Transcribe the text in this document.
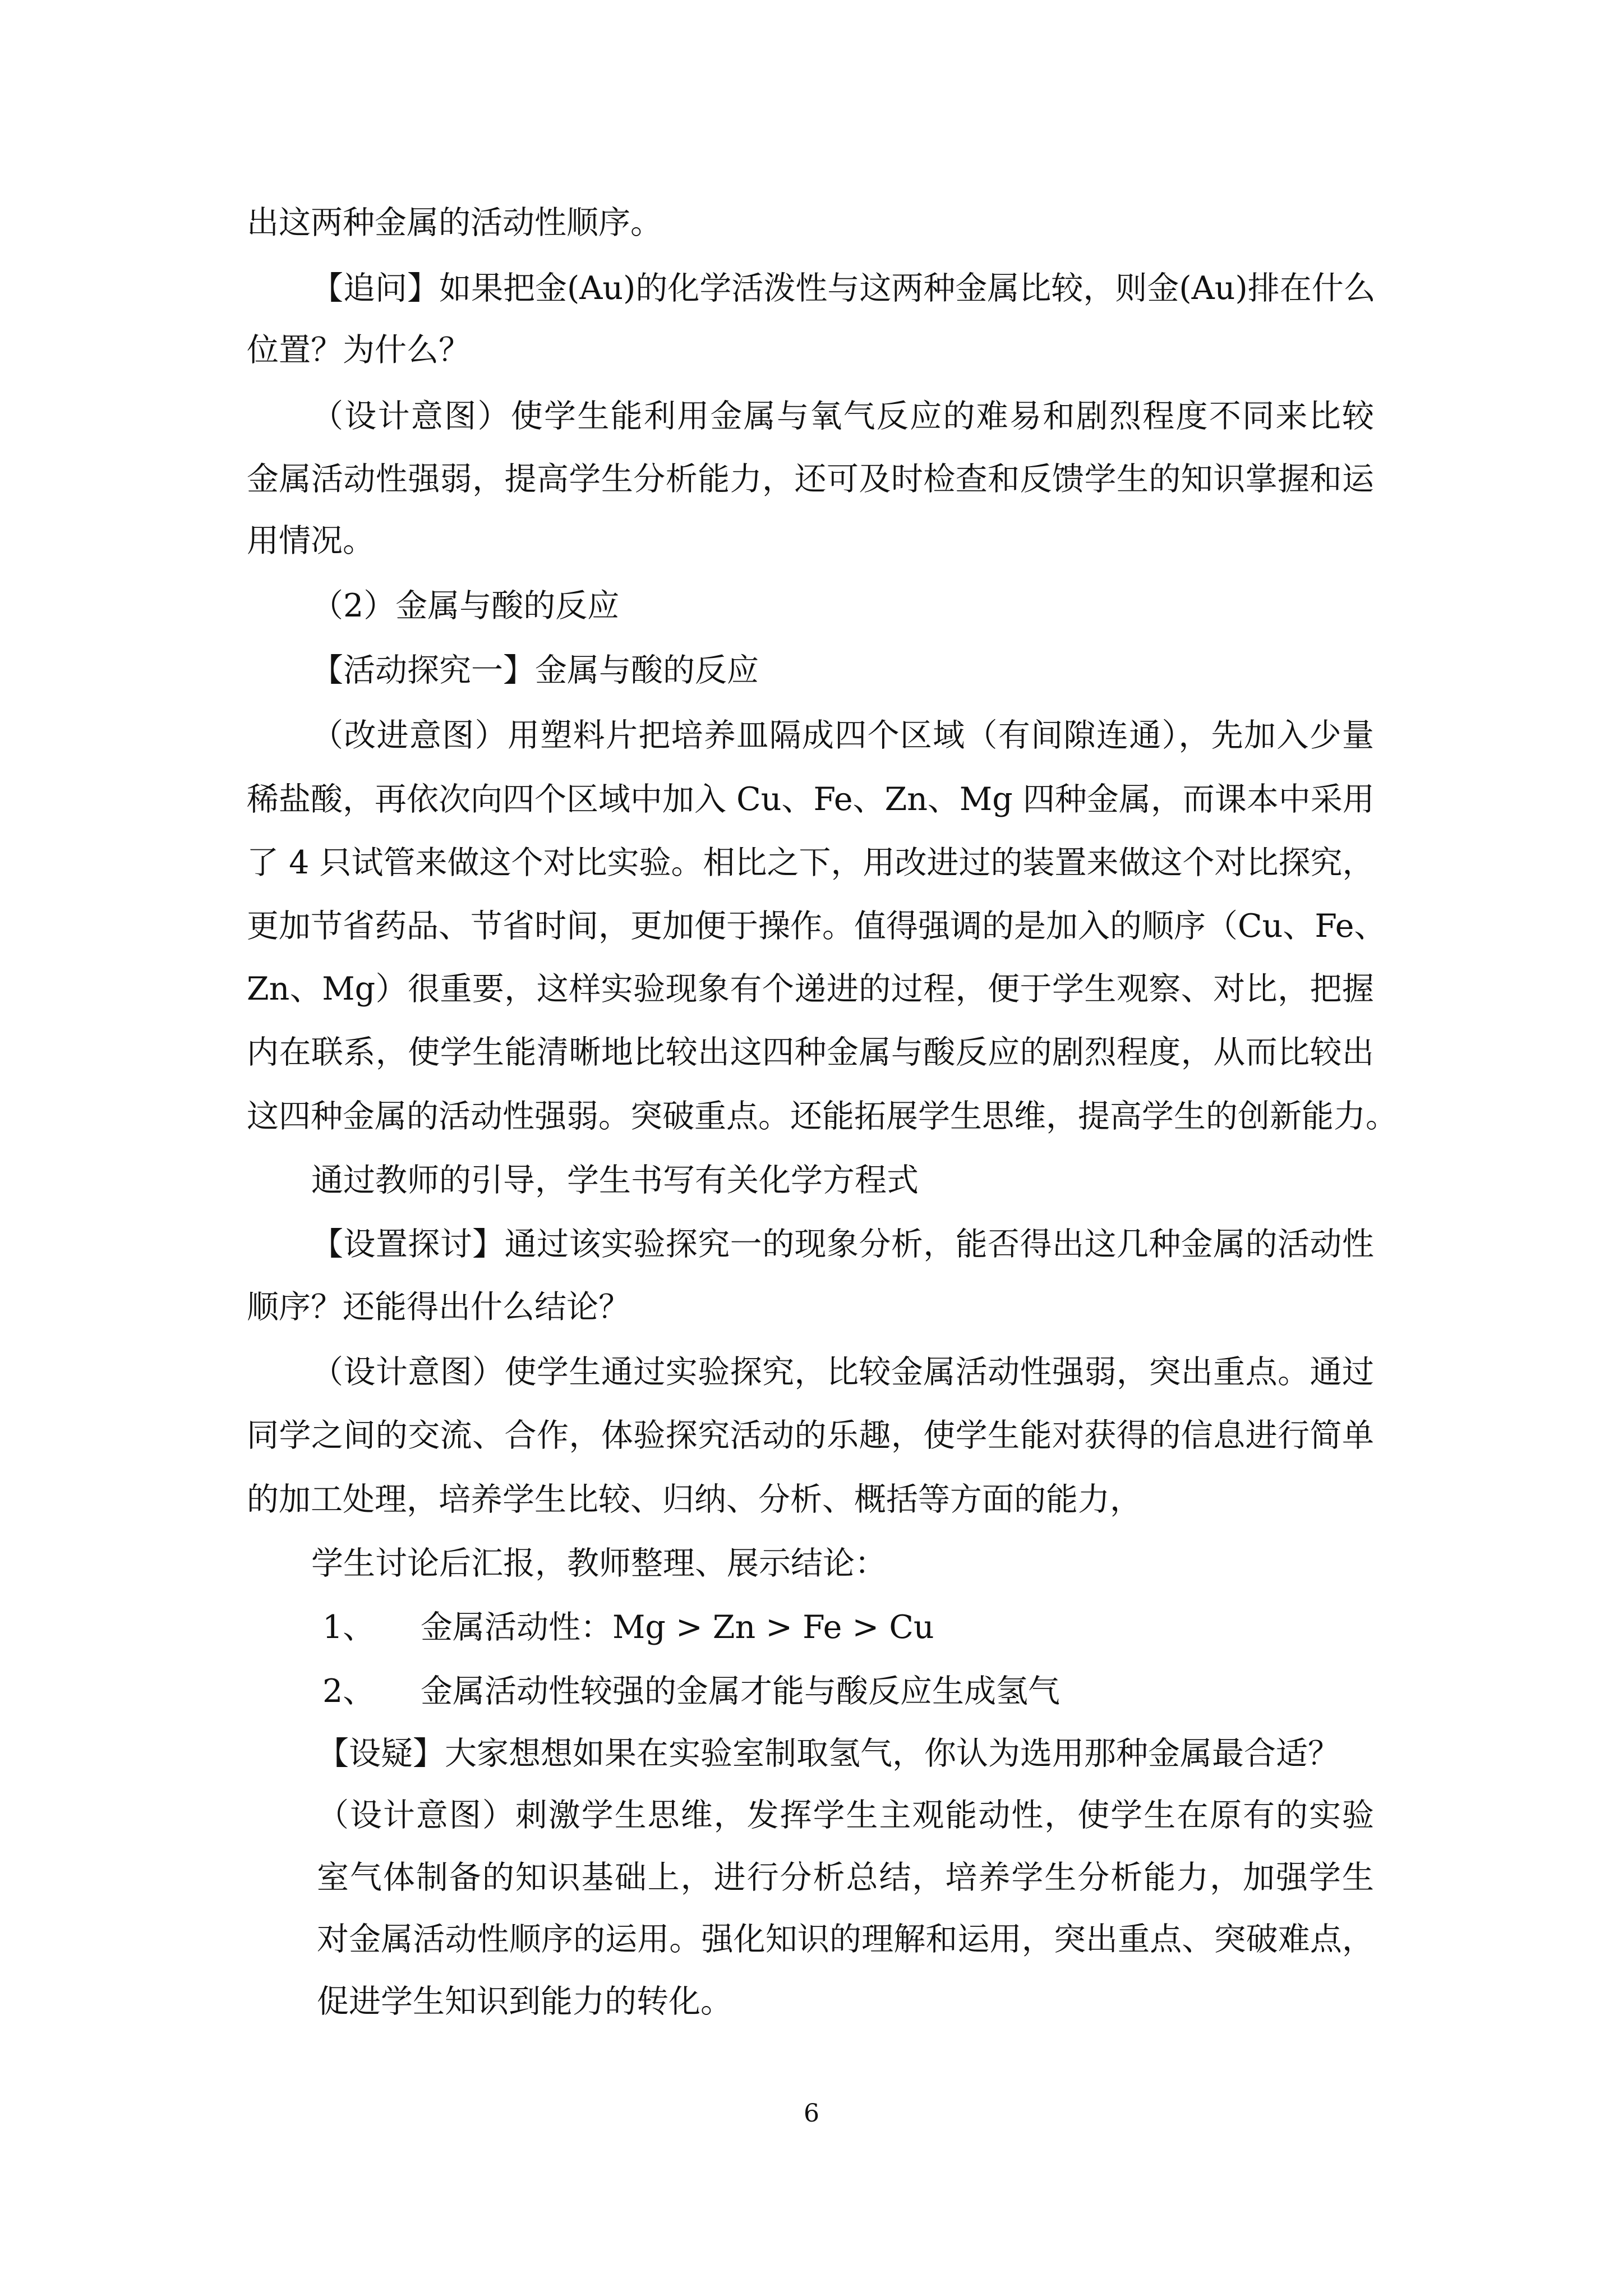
出这两种金属的活动性顺序。

【追问】如果把金(Au)的化学活泼性与这两种金属比较，则金(Au)排在什么

位置？为什么？

（设计意图）使学生能利用金属与氧气反应的难易和剧烈程度不同来比较

金属活动性强弱，提高学生分析能力，还可及时检查和反馈学生的知识掌握和运

用情况。

（2）金属与酸的反应

【活动探究一】金属与酸的反应

（改进意图）用塑料片把培养皿隔成四个区域（有间隙连通），先加入少量

稀盐酸，再依次向四个区域中加入 Cu、Fe、Zn、Mg 四种金属，而课本中采用

了 4 只试管来做这个对比实验。相比之下，用改进过的装置来做这个对比探究，

更加节省药品、节省时间，更加便于操作。值得强调的是加入的顺序（Cu、Fe、

Zn、Mg）很重要，这样实验现象有个递进的过程，便于学生观察、对比，把握

内在联系，使学生能清晰地比较出这四种金属与酸反应的剧烈程度，从而比较出

这四种金属的活动性强弱。突破重点。还能拓展学生思维，提高学生的创新能力。

通过教师的引导，学生书写有关化学方程式

【设置探讨】通过该实验探究一的现象分析，能否得出这几种金属的活动性

顺序？还能得出什么结论？

（设计意图）使学生通过实验探究，比较金属活动性强弱，突出重点。通过

同学之间的交流、合作，体验探究活动的乐趣，使学生能对获得的信息进行简单

的加工处理，培养学生比较、归纳、分析、概括等方面的能力，

学生讨论后汇报，教师整理、展示结论：

1、 金属活动性：Mg > Zn > Fe > Cu
2、 金属活动性较强的金属才能与酸反应生成氢气

【设疑】大家想想如果在实验室制取氢气，你认为选用那种金属最合适？

（设计意图）刺激学生思维，发挥学生主观能动性，使学生在原有的实验

室气体制备的知识基础上，进行分析总结，培养学生分析能力，加强学生

对金属活动性顺序的运用。强化知识的理解和运用，突出重点、突破难点，

促进学生知识到能力的转化。

6
